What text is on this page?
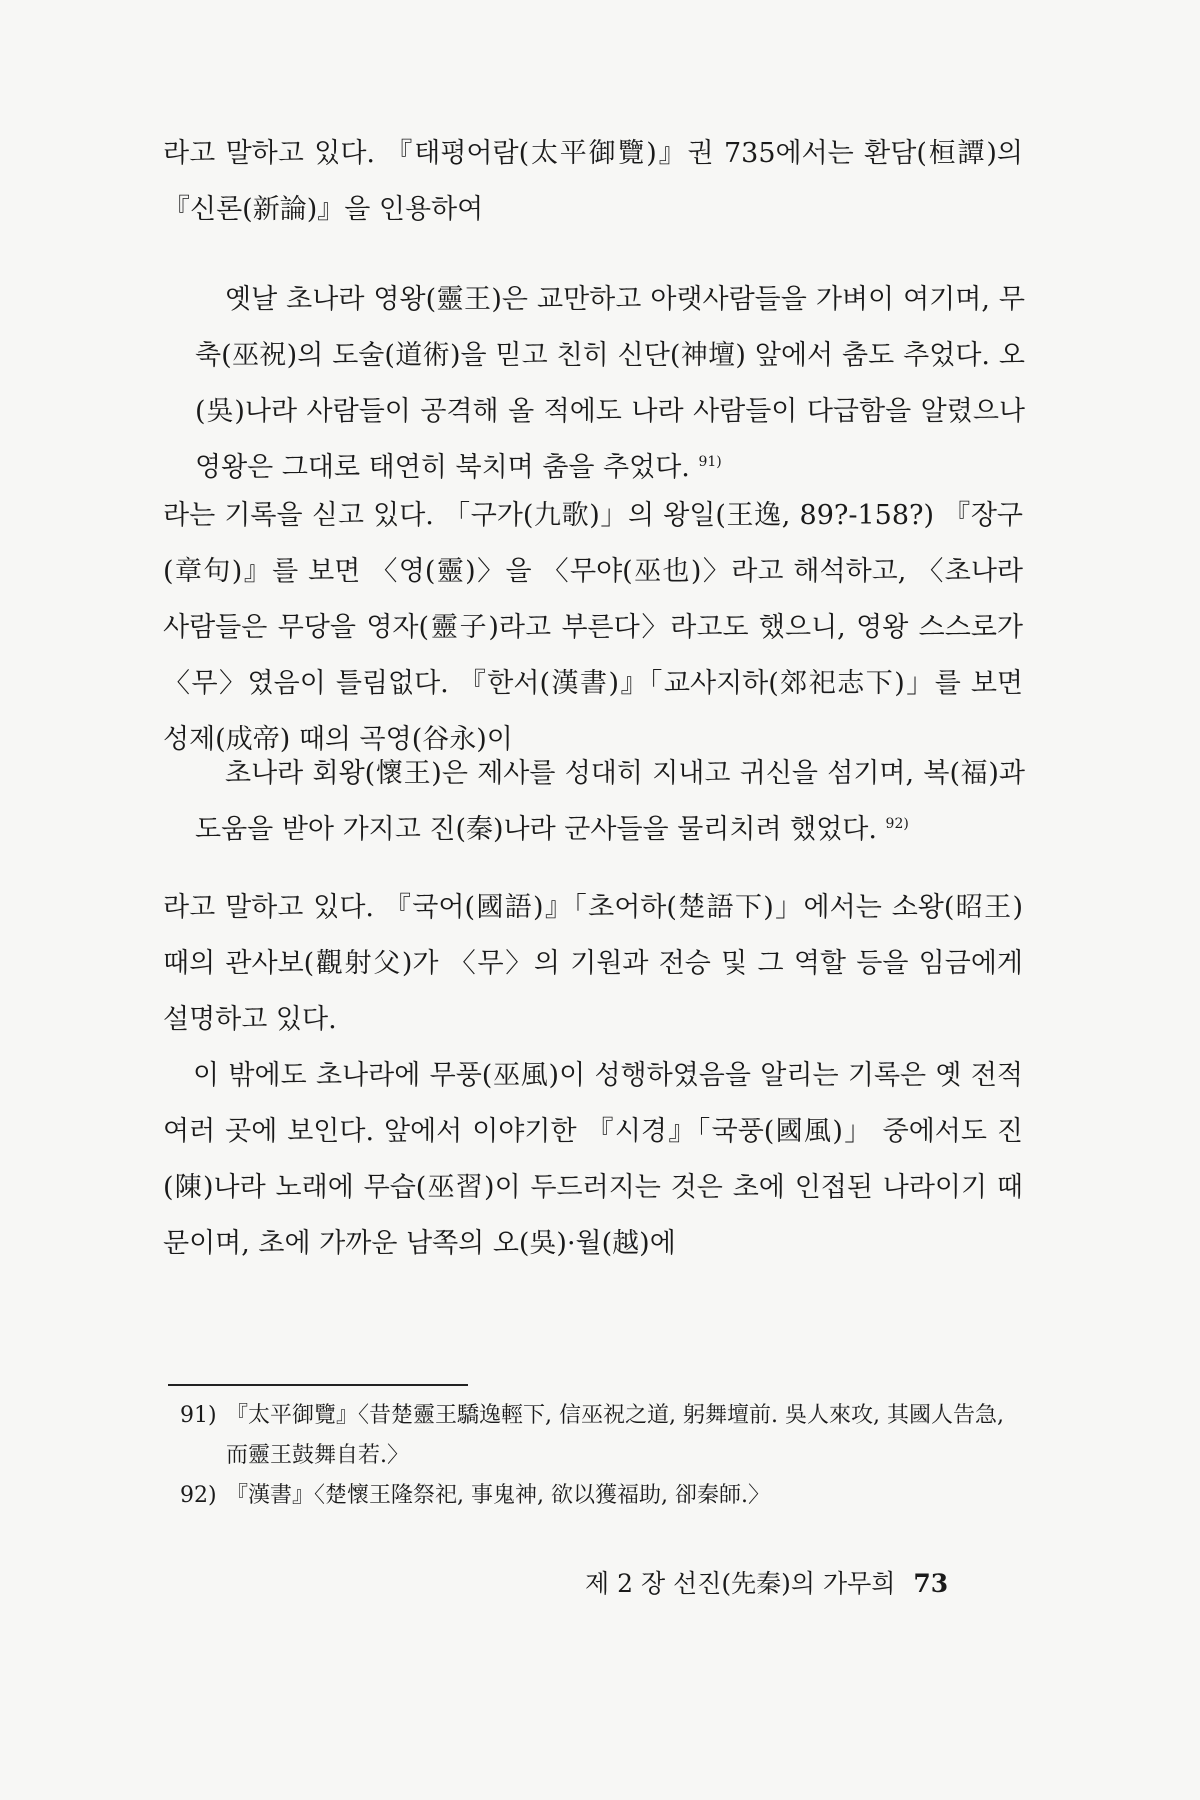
라고 말하고 있다. 『태평어람(太平御覽)』권 735에서는 환담(桓譚)의 『신론(新論)』을 인용하여

옛날 초나라 영왕(靈王)은 교만하고 아랫사람들을 가벼이 여기며, 무축(巫祝)의 도술(道術)을 믿고 친히 신단(神壇) 앞에서 춤도 추었다. 오(吳)나라 사람들이 공격해 올 적에도 나라 사람들이 다급함을 알렸으나 영왕은 그대로 태연히 북치며 춤을 추었다. $^{91)}$

라는 기록을 싣고 있다. 「구가(九歌)」의 왕일(王逸, 89?-158?) 『장구(章句)』를 보면 〈영(靈)〉을 〈무야(巫也)〉라고 해석하고, 〈초나라 사람들은 무당을 영자(靈子)라고 부른다〉라고도 했으니, 영왕 스스로가 〈무〉였음이 틀림없다. 『한서(漢書)』「교사지하(郊祀志下)」를 보면 성제(成帝) 때의 곡영(谷永)이

초나라 회왕(懷王)은 제사를 성대히 지내고 귀신을 섬기며, 복(福)과 도움을 받아 가지고 진(秦)나라 군사들을 물리치려 했었다. $^{92)}$

라고 말하고 있다. 『국어(國語)』「초어하(楚語下)」에서는 소왕(昭王) 때의 관사보(觀射父)가 〈무〉의 기원과 전승 및 그 역할 등을 임금에게 설명하고 있다.

이 밖에도 초나라에 무풍(巫風)이 성행하였음을 알리는 기록은 옛 전적 여러 곳에 보인다. 앞에서 이야기한 『시경』「국풍(國風)」 중에서도 진(陳)나라 노래에 무습(巫習)이 두드러지는 것은 초에 인접된 나라이기 때문이며, 초에 가까운 남쪽의 오(吳)·월(越)에

91) 『太平御覽』〈昔楚靈王驕逸輕下, 信巫祝之道, 躬舞壇前. 吳人來攻, 其國人告急, 而靈王鼓舞自若.〉
92) 『漢書』〈楚懷王隆祭祀, 事鬼神, 欲以獲福助, 卻秦師.〉
제 2 장 선진(先秦)의 가무희 73
